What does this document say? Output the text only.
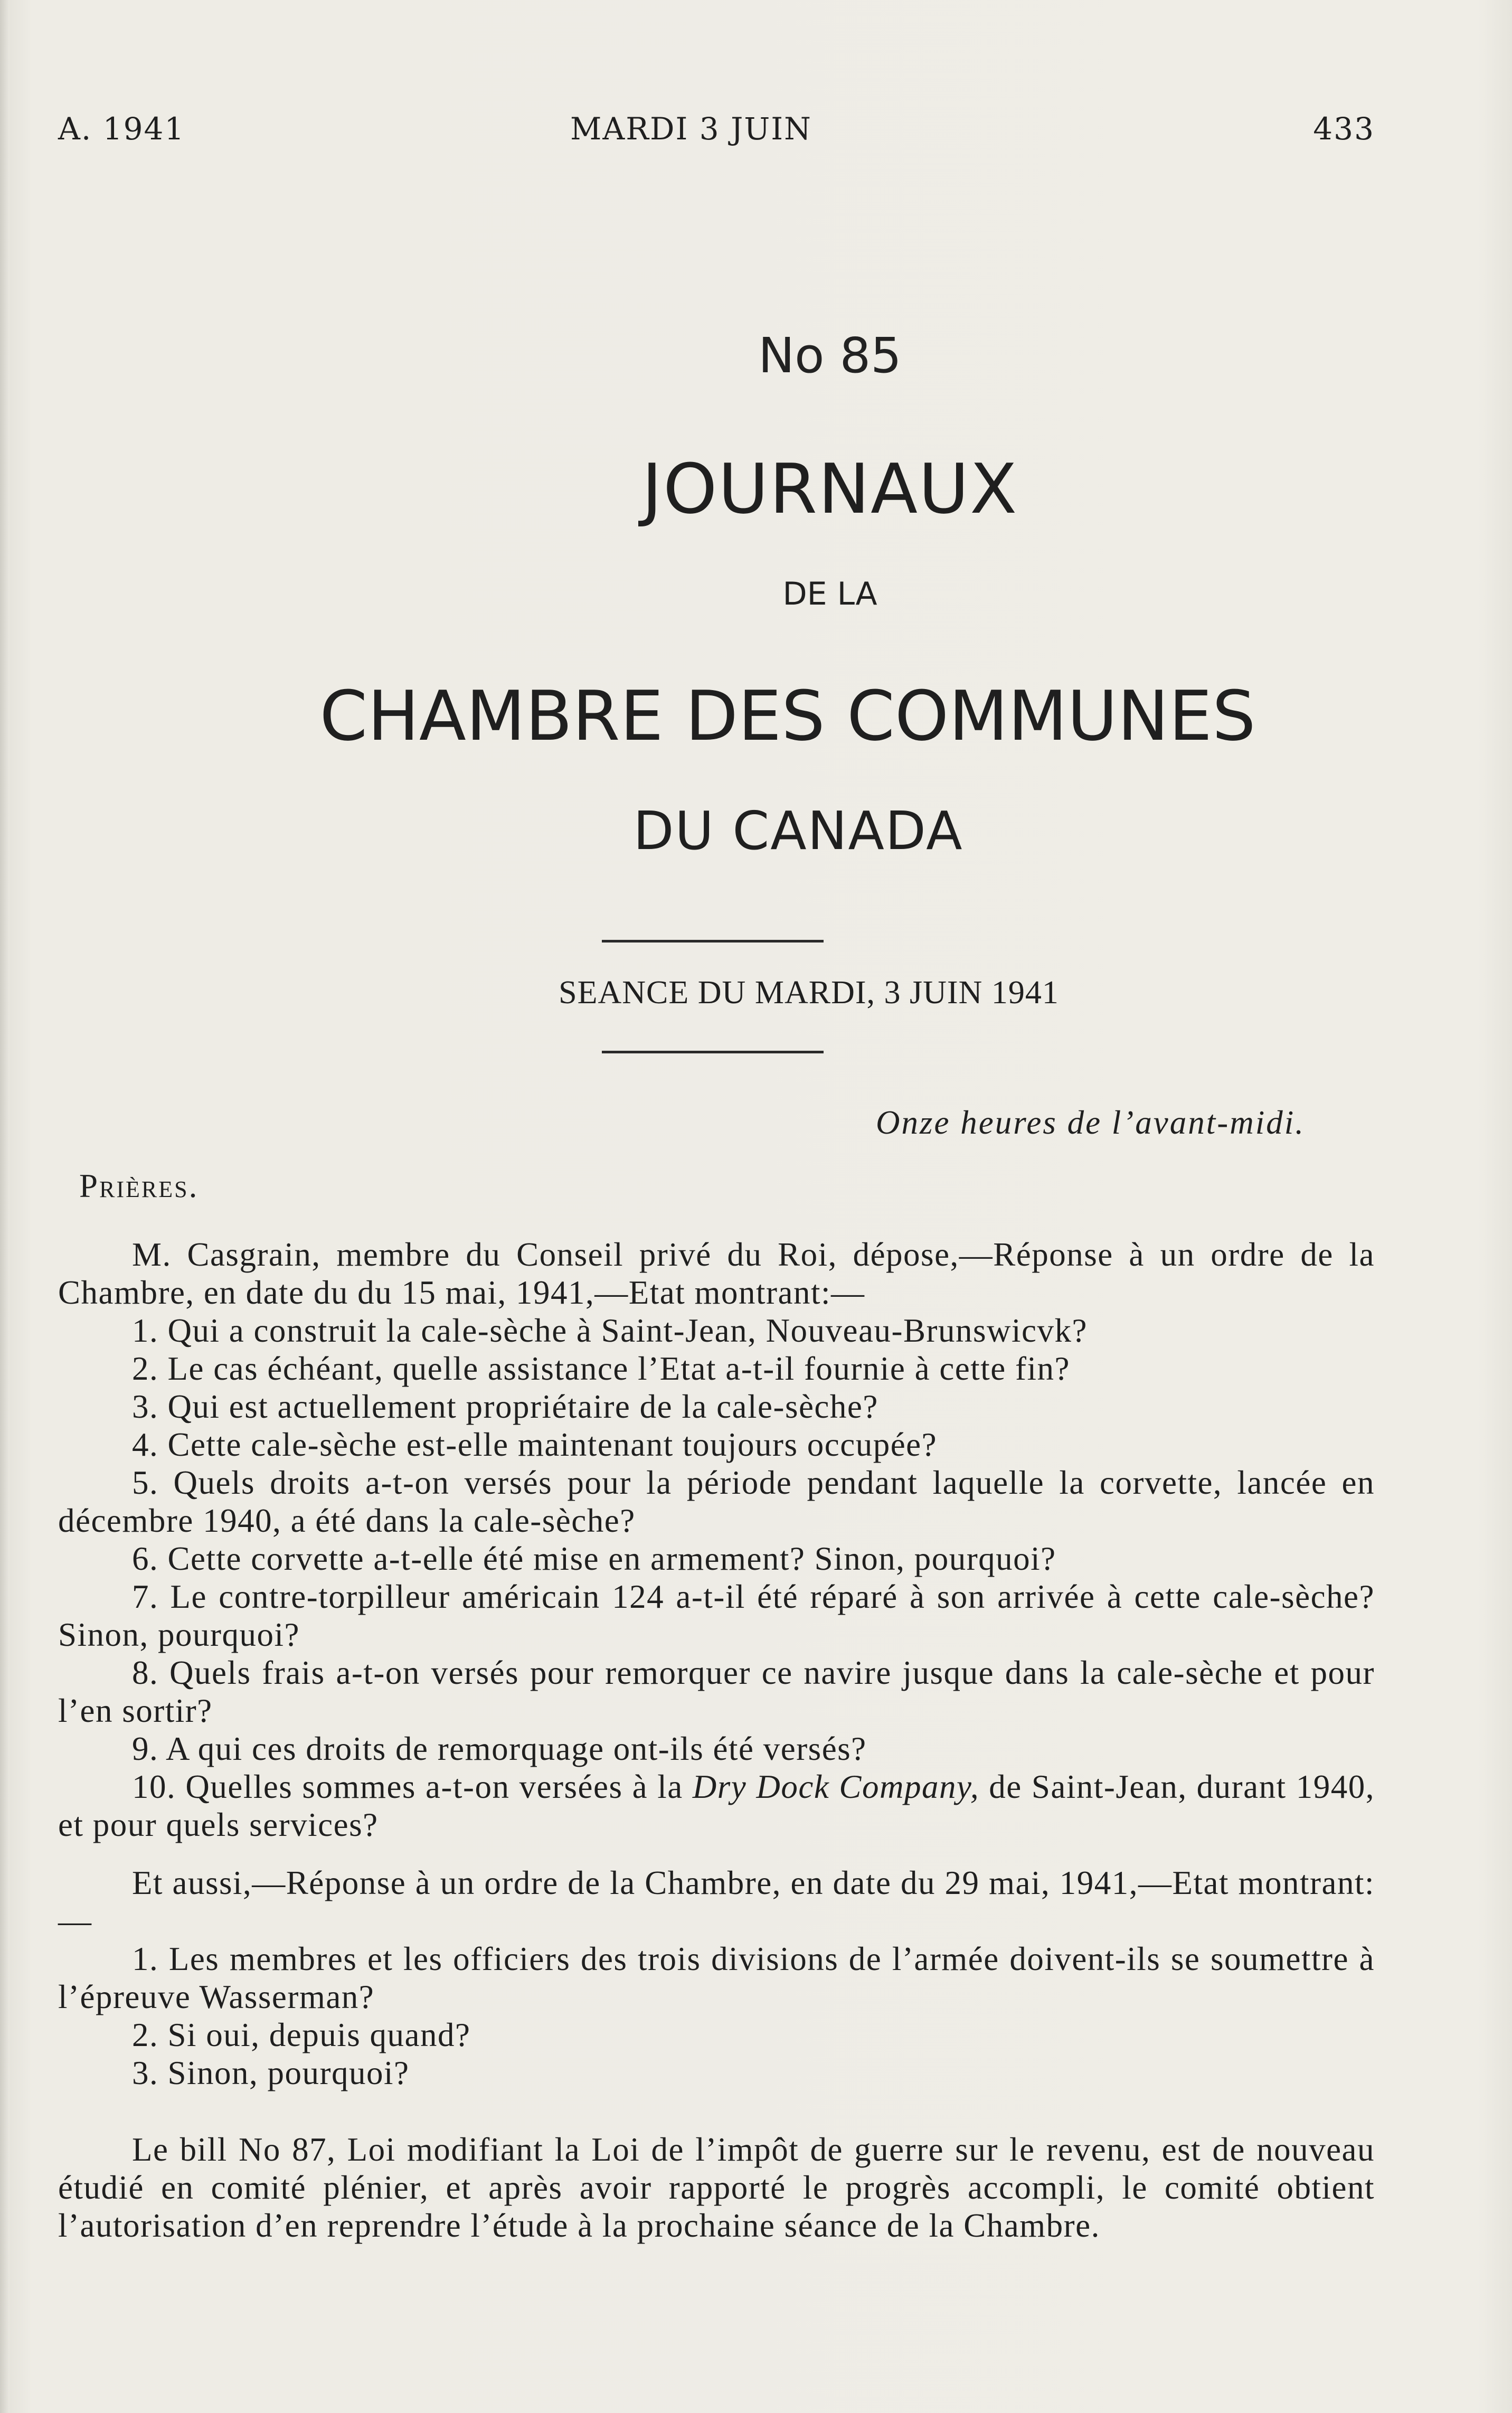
A. 1941	MARDI 3 JUIN	433
No 85
JOURNAUX
DE LA
CHAMBRE DES COMMUNES
DU CANADA
SEANCE DU MARDI, 3 JUIN 1941
Onze heures de l’avant-midi.
Prières.

M. Casgrain, membre du Conseil privé du Roi, dépose,—Réponse à un ordre de la Chambre, en date du du 15 mai, 1941,—Etat montrant:—

1. Qui a construit la cale-sèche à Saint-Jean, Nouveau-Brunswicvk?
2. Le cas échéant, quelle assistance l’Etat a-t-il fournie à cette fin?
3. Qui est actuellement propriétaire de la cale-sèche?
4. Cette cale-sèche est-elle maintenant toujours occupée?
5. Quels droits a-t-on versés pour la période pendant laquelle la corvette, lancée en décembre 1940, a été dans la cale-sèche?
6. Cette corvette a-t-elle été mise en armement? Sinon, pourquoi?
7. Le contre-torpilleur américain 124 a-t-il été réparé à son arrivée à cette cale-sèche? Sinon, pourquoi?
8. Quels frais a-t-on versés pour remorquer ce navire jusque dans la cale-sèche et pour l’en sortir?
9. A qui ces droits de remorquage ont-ils été versés?
10. Quelles sommes a-t-on versées à la Dry Dock Company, de Saint-Jean, durant 1940, et pour quels services?

Et aussi,—Réponse à un ordre de la Chambre, en date du 29 mai, 1941,—Etat montrant:—

1. Les membres et les officiers des trois divisions de l’armée doivent-ils se soumettre à l’épreuve Wasserman?
2. Si oui, depuis quand?
3. Sinon, pourquoi?

Le bill No 87, Loi modifiant la Loi de l’impôt de guerre sur le revenu, est de nouveau étudié en comité plénier, et après avoir rapporté le progrès accompli, le comité obtient l’autorisation d’en reprendre l’étude à la prochaine séance de la Chambre.
